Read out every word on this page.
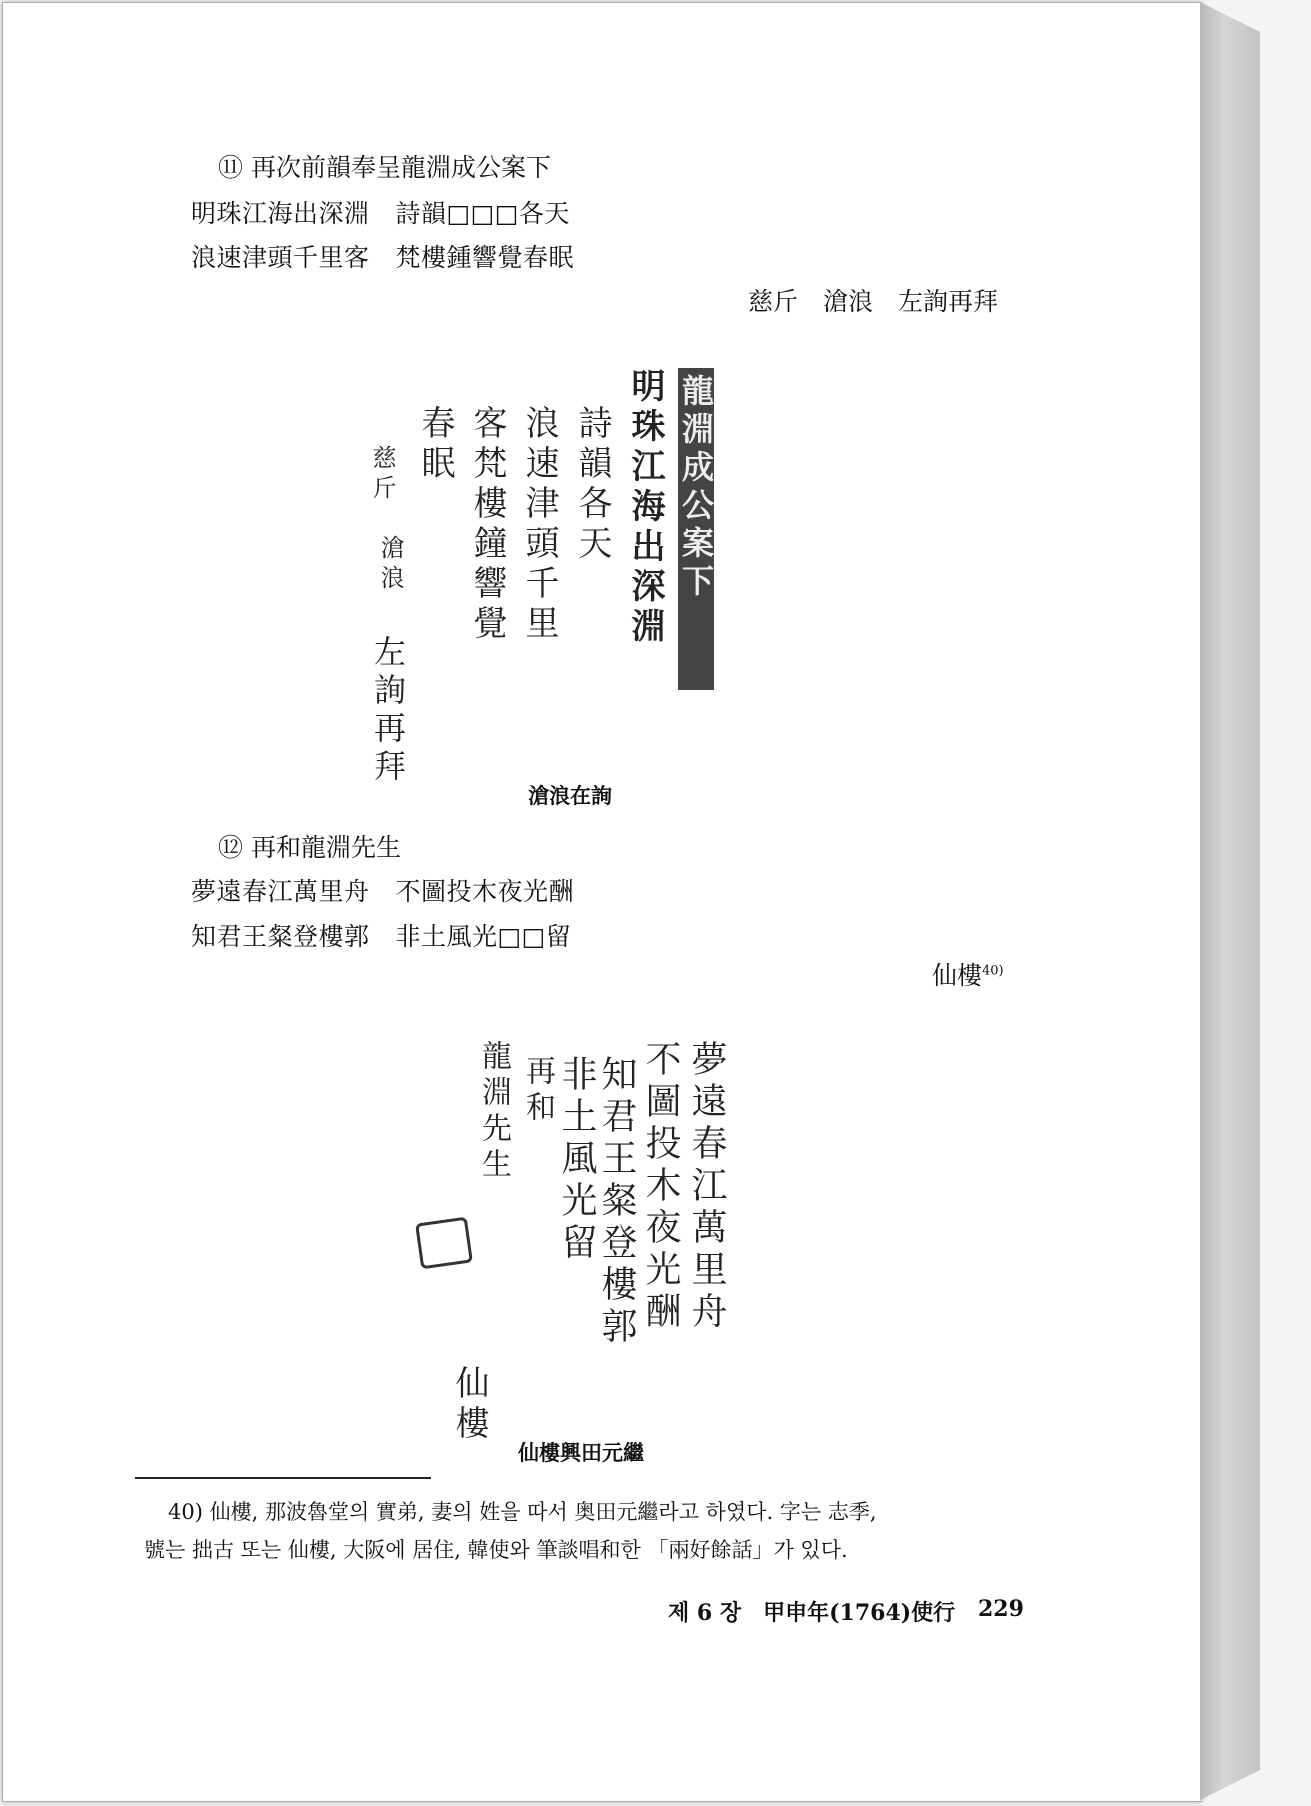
⑪ 再次前韻奉呈龍淵成公案下
明珠江海出深淵 詩韻□□□各天
浪速津頭千里客 梵樓鍾響覺春眠
慈斤　滄浪　左詢再拜
龍淵成公案下
明珠江海出深淵
詩韻各天
浪速津頭千里
客梵樓鐘響覺
春眠
慈斤
滄浪
左詢再拜
滄浪在詢
⑫ 再和龍淵先生
夢遠春江萬里舟 不圖投木夜光酬
知君王粲登樓郭 非土風光□□留
仙樓$^{40)}$
夢遠春江萬里舟
不圖投木夜光酬
知君王粲登樓郭
非土風光留
再和
龍淵先生
仙樓
仙樓興田元繼
40) 仙樓, 那波魯堂의 實弟, 妻의 姓을 따서 奥田元繼라고 하였다. 字는 志季,
號는 拙古 또는 仙樓, 大阪에 居住, 韓使와 筆談唱和한 「兩好餘話」가 있다.
제 6 장　甲申年(1764)使行 229
